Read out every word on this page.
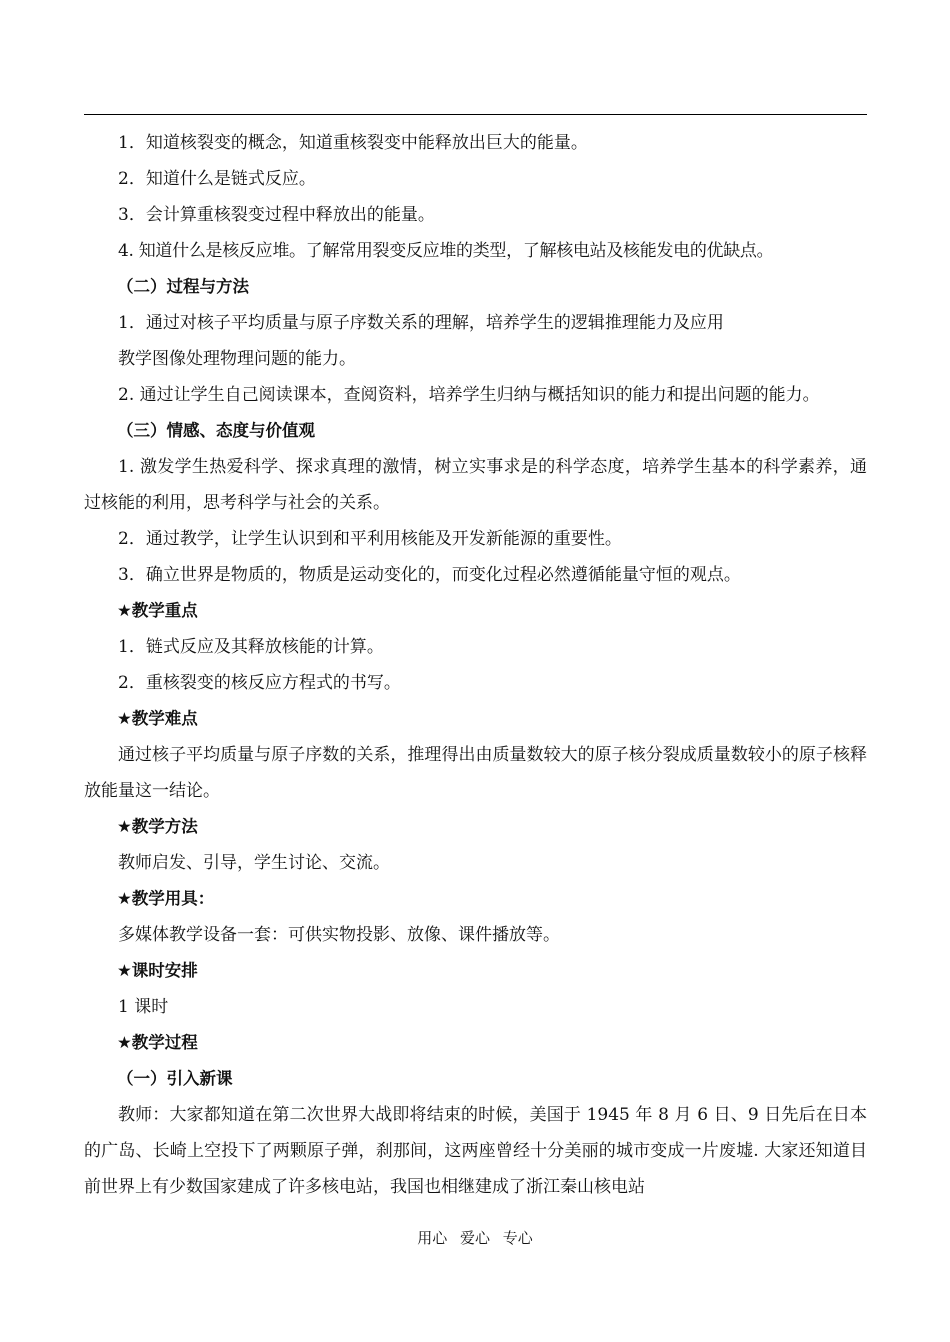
1．知道核裂变的概念，知道重核裂变中能释放出巨大的能量。

2．知道什么是链式反应。

3．会计算重核裂变过程中释放出的能量。

4. 知道什么是核反应堆。了解常用裂变反应堆的类型，了解核电站及核能发电的优缺点。

（二）过程与方法

1．通过对核子平均质量与原子序数关系的理解，培养学生的逻辑推理能力及应用

教学图像处理物理问题的能力。

2. 通过让学生自己阅读课本，查阅资料，培养学生归纳与概括知识的能力和提出问题的能力。

（三）情感、态度与价值观

1. 激发学生热爱科学、探求真理的激情，树立实事求是的科学态度，培养学生基本的科学素养，通过核能的利用，思考科学与社会的关系。

2．通过教学，让学生认识到和平利用核能及开发新能源的重要性。

3．确立世界是物质的，物质是运动变化的，而变化过程必然遵循能量守恒的观点。

★教学重点

1．链式反应及其释放核能的计算。

2．重核裂变的核反应方程式的书写。

★教学难点

通过核子平均质量与原子序数的关系，推理得出由质量数较大的原子核分裂成质量数较小的原子核释放能量这一结论。

★教学方法

教师启发、引导，学生讨论、交流。

★教学用具：

多媒体教学设备一套：可供实物投影、放像、课件播放等。

★课时安排

1 课时

★教学过程

（一）引入新课

教师：大家都知道在第二次世界大战即将结束的时候，美国于 1945 年 8 月 6 日、9 日先后在日本的广岛、长崎上空投下了两颗原子弹，刹那间，这两座曾经十分美丽的城市变成一片废墟. 大家还知道目前世界上有少数国家建成了许多核电站，我国也相继建成了浙江秦山核电站

用心 爱心 专心
